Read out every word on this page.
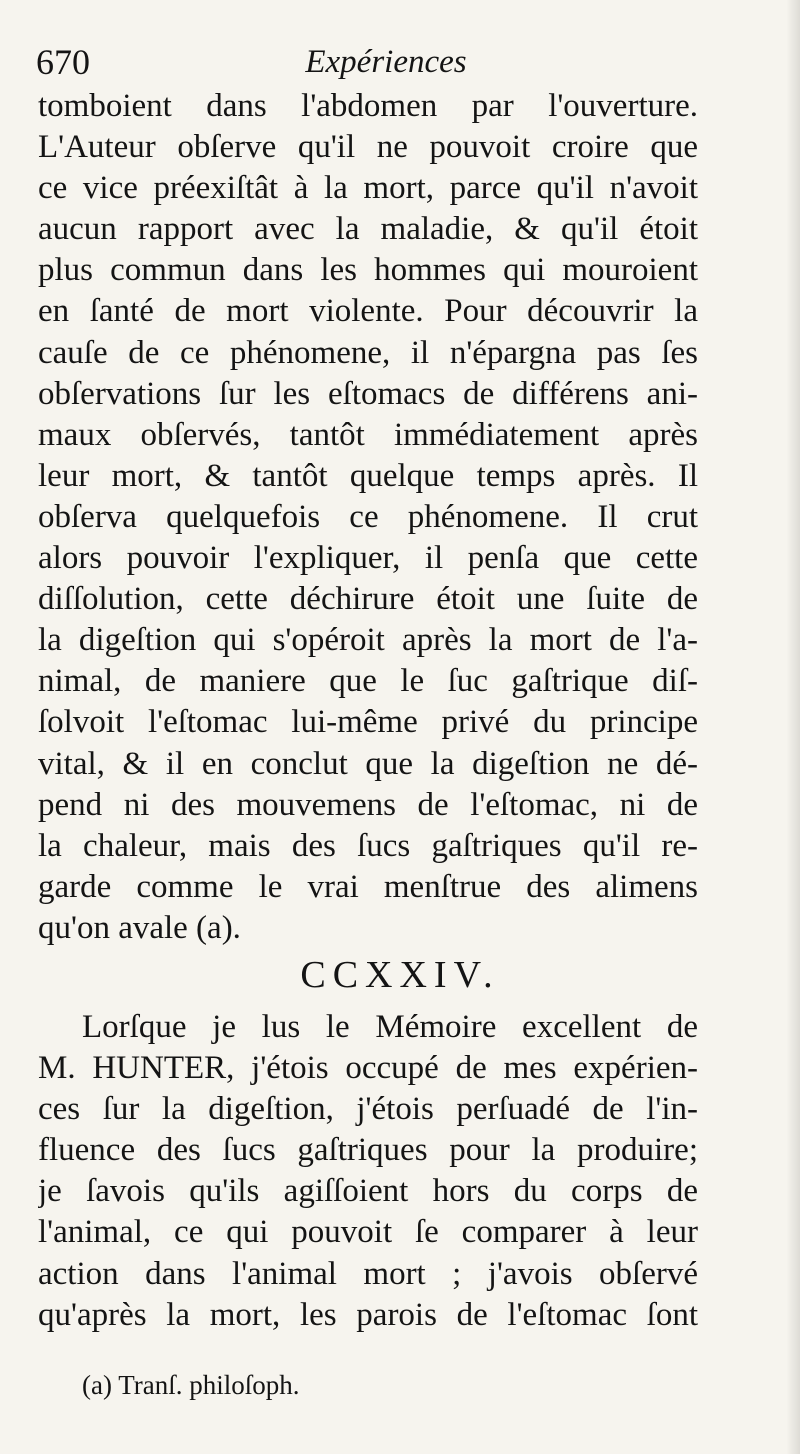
670	Expériences
tomboient dans l'abdomen par l'ouverture.
L'Auteur obſerve qu'il ne pouvoit croire que
ce vice préexiſtât à la mort, parce qu'il n'avoit
aucun rapport avec la maladie, & qu'il étoit
plus commun dans les hommes qui mouroient
en ſanté de mort violente. Pour découvrir la
cauſe de ce phénomene, il n'épargna pas ſes
obſervations ſur les eſtomacs de différens ani-
maux obſervés, tantôt immédiatement après
leur mort, & tantôt quelque temps après. Il
obſerva quelquefois ce phénomene. Il crut
alors pouvoir l'expliquer, il penſa que cette
diſſolution, cette déchirure étoit une ſuite de
la digeſtion qui s'opéroit après la mort de l'a-
nimal, de maniere que le ſuc gaſtrique diſ-
ſolvoit l'eſtomac lui-même privé du principe
vital, & il en conclut que la digeſtion ne dé-
pend ni des mouvemens de l'eſtomac, ni de
la chaleur, mais des ſucs gaſtriques qu'il re-
garde comme le vrai menſtrue des alimens
qu'on avale (a).
CCXXIV.
Lorſque je lus le Mémoire excellent de
M. HUNTER, j'étois occupé de mes expérien-
ces ſur la digeſtion, j'étois perſuadé de l'in-
fluence des ſucs gaſtriques pour la produire;
je ſavois qu'ils agiſſoient hors du corps de
l'animal, ce qui pouvoit ſe comparer à leur
action dans l'animal mort ; j'avois obſervé
qu'après la mort, les parois de l'eſtomac ſont
(a) Tranſ. philoſoph.
